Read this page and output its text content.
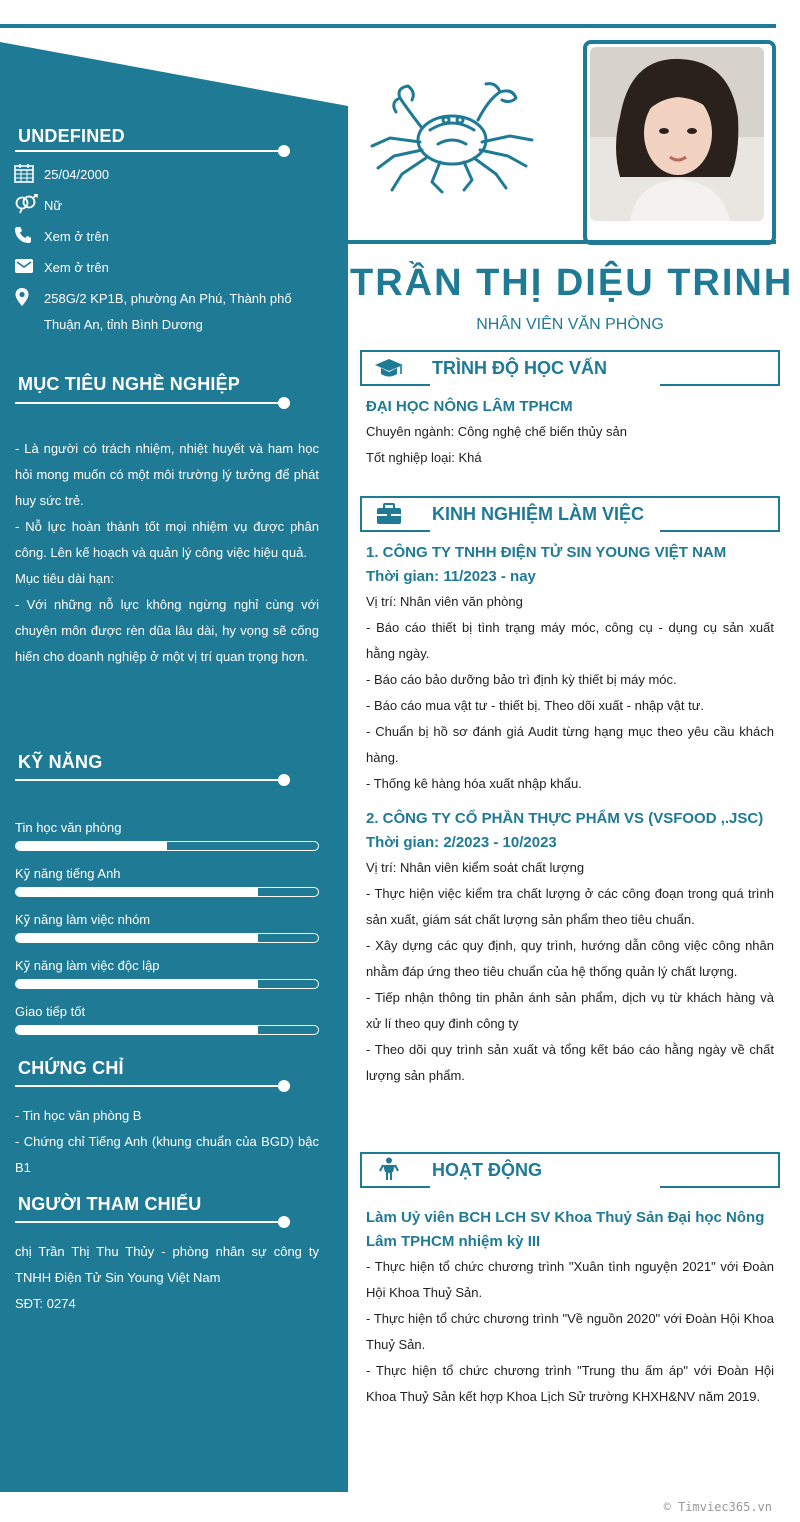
UNDEFINED
25/04/2000
Nữ
Xem ở trên
Xem ở trên
258G/2 KP1B, phường An Phú, Thành phố Thuận An, tỉnh Bình Dương
MỤC TIÊU NGHỀ NGHIỆP
- Là người có trách nhiệm, nhiệt huyết và ham học hỏi mong muốn có một môi trường lý tưởng để phát huy sức trẻ.
- Nỗ lực hoàn thành tốt mọi nhiệm vụ được phân công. Lên kế hoạch và quản lý công việc hiệu quả.
Mục tiêu dài hạn:
- Với những nỗ lực không ngừng nghỉ cùng với chuyên môn được rèn dũa lâu dài, hy vọng sẽ cống hiến cho doanh nghiệp ở một vị trí quan trọng hơn.
KỸ NĂNG
Tin học văn phòng
Kỹ năng tiếng Anh
Kỹ năng làm việc nhóm
Kỹ năng làm việc độc lập
Giao tiếp tốt
CHỨNG CHỈ
- Tin học văn phòng B
- Chứng chỉ Tiếng Anh (khung chuẩn của BGD) bậc B1
NGƯỜI THAM CHIẾU
chị Trần Thị Thu Thủy - phòng nhân sự công ty TNHH Điện Tử Sin Young Việt Nam
SĐT: 0274
TRẦN THỊ DIỆU TRINH
NHÂN VIÊN VĂN PHÒNG
TRÌNH ĐỘ HỌC VẤN
ĐẠI HỌC NÔNG LÂM TPHCM
Chuyên ngành: Công nghệ chế biến thủy sản
Tốt nghiệp loại: Khá
KINH NGHIỆM LÀM VIỆC
1. CÔNG TY TNHH ĐIỆN TỬ SIN YOUNG VIỆT NAM
Thời gian: 11/2023 - nay
Vị trí: Nhân viên văn phòng
- Báo cáo thiết bị tình trạng máy móc, công cụ - dụng cụ sản xuất hằng ngày.
- Báo cáo bảo dưỡng bảo trì định kỳ thiết bị máy móc.
- Báo cáo mua vật tư - thiết bị. Theo dõi xuất - nhập vật tư.
- Chuẩn bị hồ sơ đánh giá Audit từng hạng mục theo yêu cầu khách hàng.
- Thống kê hàng hóa xuất nhập khẩu.
2. CÔNG TY CỔ PHẦN THỰC PHẨM VS (VSFOOD ,.JSC)
Thời gian: 2/2023 - 10/2023
Vị trí: Nhân viên kiểm soát chất lượng
- Thực hiện việc kiểm tra chất lượng ở các công đoạn trong quá trình sản xuất, giám sát chất lượng sản phẩm theo tiêu chuẩn.
- Xây dựng các quy định, quy trình, hướng dẫn công việc công nhân nhằm đáp ứng theo tiêu chuẩn của hệ thống quản lý chất lượng.
- Tiếp nhận thông tin phản ánh sản phẩm, dịch vụ từ khách hàng và xử lí theo quy đinh công ty
- Theo dõi quy trình sản xuất và tổng kết báo cáo hằng ngày về chất lượng sản phẩm.
HOẠT ĐỘNG
Làm Uỷ viên BCH LCH SV Khoa Thuỷ Sản Đại học Nông Lâm TPHCM nhiệm kỳ III
- Thực hiện tổ chức chương trình "Xuân tình nguyện 2021" với Đoàn Hội Khoa Thuỷ Sản.
- Thực hiện tổ chức chương trình "Về nguồn 2020" với Đoàn Hội Khoa Thuỷ Sản.
- Thực hiện tổ chức chương trình "Trung thu ấm áp" với Đoàn Hội Khoa Thuỷ Sản kết hợp Khoa Lịch Sử trường KHXH&NV năm 2019.
© Timviec365.vn
